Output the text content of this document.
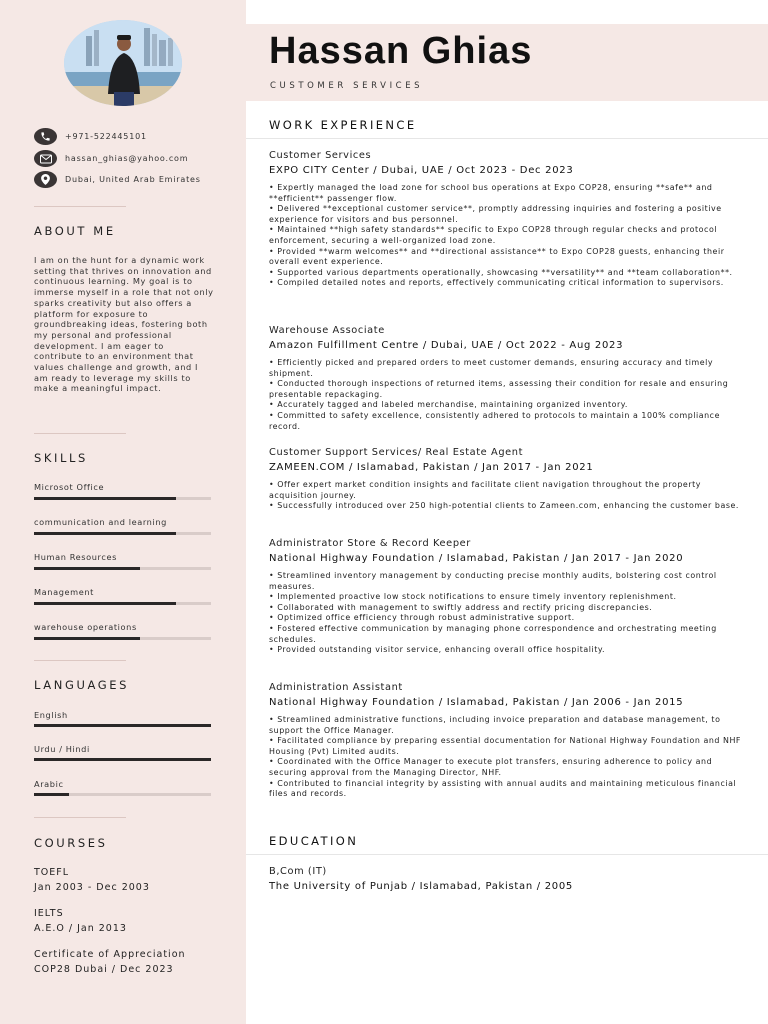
+971-522445101
hassan_ghias@yahoo.com
Dubai, United Arab Emirates
ABOUT ME
I am on the hunt for a dynamic work setting that thrives on innovation and continuous learning. My goal is to immerse myself in a role that not only sparks creativity but also offers a platform for exposure to groundbreaking ideas, fostering both my personal and professional development. I am eager to contribute to an environment that values challenge and growth, and I am ready to leverage my skills to make a meaningful impact.
SKILLS
Microsot Office
communication and learning
Human Resources
Management
warehouse operations
LANGUAGES
English
Urdu / Hindi
Arabic
COURSES
TOEFL
Jan 2003 - Dec 2003
IELTS
A.E.O / Jan 2013
Certificate of Appreciation
COP28 Dubai / Dec 2023
Hassan Ghias
CUSTOMER SERVICES
WORK EXPERIENCE
Customer Services
EXPO CITY Center / Dubai, UAE / Oct 2023 - Dec 2023
• Expertly managed the load zone for school bus operations at Expo COP28, ensuring **safe** and **efficient** passenger flow.
• Delivered **exceptional customer service**, promptly addressing inquiries and fostering a positive experience for visitors and bus personnel.
• Maintained **high safety standards** specific to Expo COP28 through regular checks and protocol enforcement, securing a well-organized load zone.
• Provided **warm welcomes** and **directional assistance** to Expo COP28 guests, enhancing their overall event experience.
• Supported various departments operationally, showcasing **versatility** and **team collaboration**.
• Compiled detailed notes and reports, effectively communicating critical information to supervisors.
Warehouse Associate
Amazon Fulfillment Centre / Dubai, UAE / Oct 2022 - Aug 2023
• Efficiently picked and prepared orders to meet customer demands, ensuring accuracy and timely shipment.
• Conducted thorough inspections of returned items, assessing their condition for resale and ensuring presentable repackaging.
• Accurately tagged and labeled merchandise, maintaining organized inventory.
• Committed to safety excellence, consistently adhered to protocols to maintain a 100% compliance record.
Customer Support Services/ Real Estate Agent
ZAMEEN.COM / Islamabad, Pakistan / Jan 2017 - Jan 2021
• Offer expert market condition insights and facilitate client navigation throughout the property acquisition journey.
• Successfully introduced over 250 high-potential clients to Zameen.com, enhancing the customer base.
Administrator Store & Record Keeper
National Highway Foundation / Islamabad, Pakistan / Jan 2017 - Jan 2020
• Streamlined inventory management by conducting precise monthly audits, bolstering cost control measures.
• Implemented proactive low stock notifications to ensure timely inventory replenishment.
• Collaborated with management to swiftly address and rectify pricing discrepancies.
• Optimized office efficiency through robust administrative support.
• Fostered effective communication by managing phone correspondence and orchestrating meeting schedules.
• Provided outstanding visitor service, enhancing overall office hospitality.
Administration Assistant
National Highway Foundation / Islamabad, Pakistan / Jan 2006 - Jan 2015
• Streamlined administrative functions, including invoice preparation and database management, to support the Office Manager.
• Facilitated compliance by preparing essential documentation for National Highway Foundation and NHF Housing (Pvt) Limited audits.
• Coordinated with the Office Manager to execute plot transfers, ensuring adherence to policy and securing approval from the Managing Director, NHF.
• Contributed to financial integrity by assisting with annual audits and maintaining meticulous financial files and records.
EDUCATION
B,Com (IT)
The University of Punjab / Islamabad, Pakistan / 2005
